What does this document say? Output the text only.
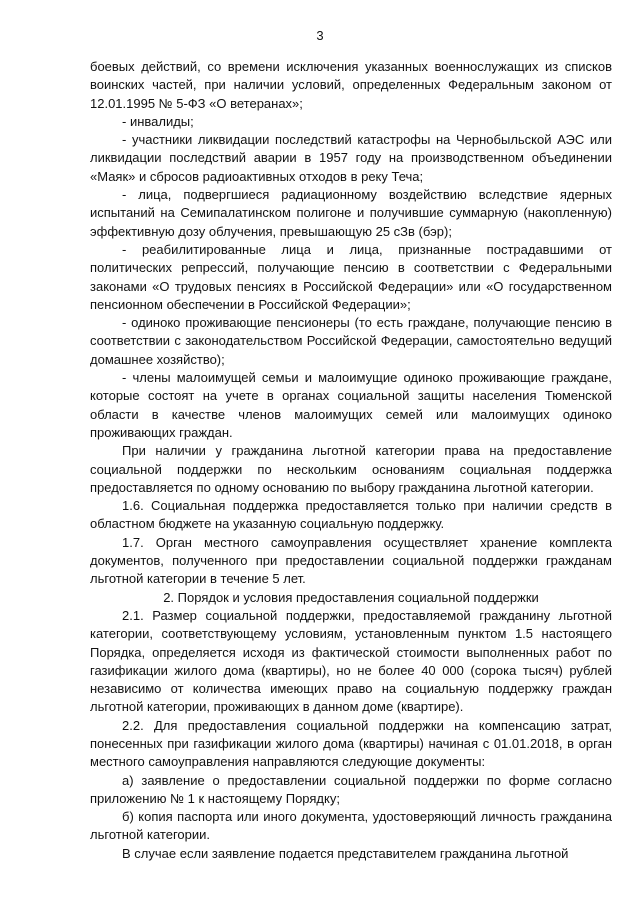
3

боевых действий, со времени исключения указанных военнослужащих из списков воинских частей, при наличии условий, определенных Федеральным законом от 12.01.1995 № 5-ФЗ «О ветеранах»;

- инвалиды;

- участники ликвидации последствий катастрофы на Чернобыльской АЭС или ликвидации последствий аварии в 1957 году на производственном объединении «Маяк» и сбросов радиоактивных отходов в реку Теча;

- лица, подвергшиеся радиационному воздействию вследствие ядерных испытаний на Семипалатинском полигоне и получившие суммарную (накопленную) эффективную дозу облучения, превышающую 25 сЗв (бэр);

- реабилитированные лица и лица, признанные пострадавшими от политических репрессий, получающие пенсию в соответствии с Федеральными законами «О трудовых пенсиях в Российской Федерации» или «О государственном пенсионном обеспечении в Российской Федерации»;

- одиноко проживающие пенсионеры (то есть граждане, получающие пенсию в соответствии с законодательством Российской Федерации, самостоятельно ведущий домашнее хозяйство);

- члены малоимущей семьи и малоимущие одиноко проживающие граждане, которые состоят на учете в органах социальной защиты населения Тюменской области в качестве членов малоимущих семей или малоимущих одиноко проживающих граждан.

При наличии у гражданина льготной категории права на предоставление социальной поддержки по нескольким основаниям социальная поддержка предоставляется по одному основанию по выбору гражданина льготной категории.

1.6. Социальная поддержка предоставляется только при наличии средств в областном бюджете на указанную социальную поддержку.

1.7. Орган местного самоуправления осуществляет хранение комплекта документов, полученного при предоставлении социальной поддержки гражданам льготной категории в течение 5 лет.

2. Порядок и условия предоставления социальной поддержки

2.1. Размер социальной поддержки, предоставляемой гражданину льготной категории, соответствующему условиям, установленным пунктом 1.5 настоящего Порядка, определяется исходя из фактической стоимости выполненных работ по газификации жилого дома (квартиры), но не более 40 000 (сорока тысяч) рублей независимо от количества имеющих право на социальную поддержку граждан льготной категории, проживающих в данном доме (квартире).

2.2. Для предоставления социальной поддержки на компенсацию затрат, понесенных при газификации жилого дома (квартиры) начиная с 01.01.2018, в орган местного самоуправления направляются следующие документы:

а) заявление о предоставлении социальной поддержки по форме согласно приложению № 1 к настоящему Порядку;

б) копия паспорта или иного документа, удостоверяющий личность гражданина льготной категории.

В случае если заявление подается представителем гражданина льготной
